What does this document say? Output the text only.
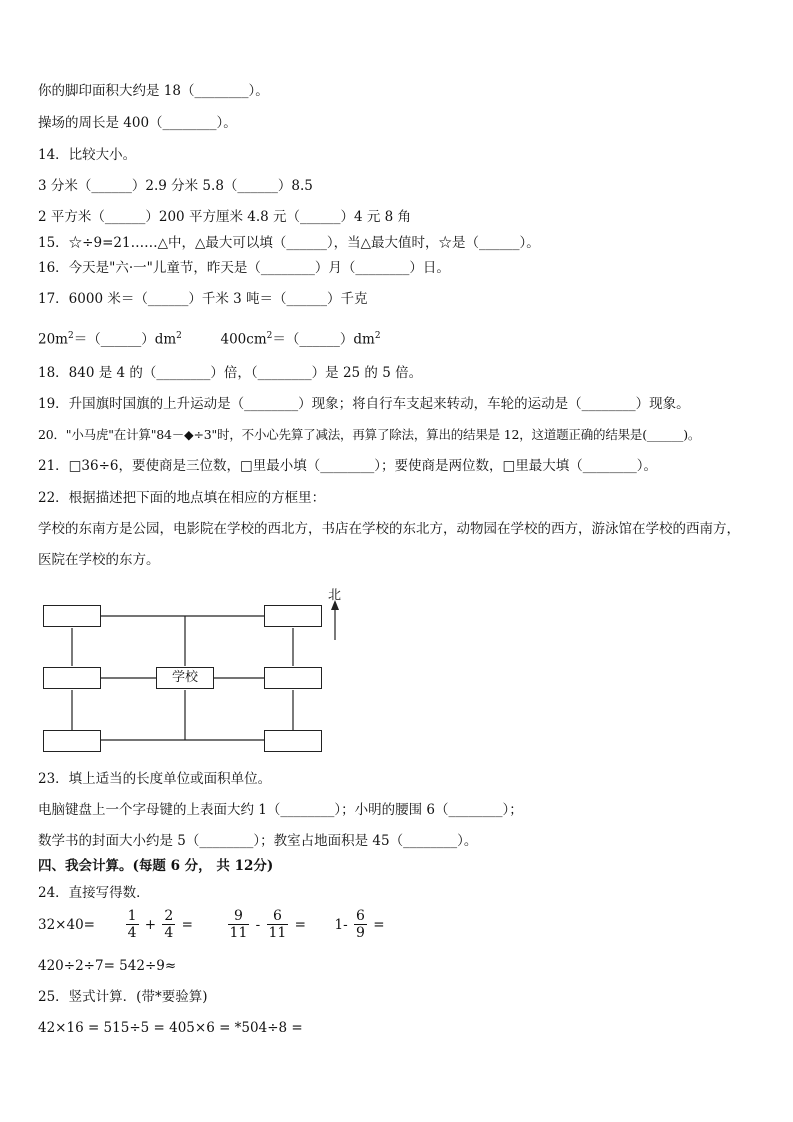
你的脚印面积大约是 18（________）。
操场的周长是 400（________）。
14．比较大小。
3 分米（______）2.9 分米 5.8（______）8.5
2 平方米（______）200 平方厘米 4.8 元（______）4 元 8 角
15．☆÷9=21……△中，△最大可以填（______），当△最大值时，☆是（______）。
16．今天是"六·一"儿童节，昨天是（________）月（________）日。
17．6000 米＝（______）千米 3 吨＝（______）千克
$20m^2=(\_\_\_\_\_\_)dm^2$	$400cm^2=(\_\_\_\_\_\_)dm^2$
18．840 是 4 的（________）倍，（________）是 25 的 5 倍。
19．升国旗时国旗的上升运动是（________）现象；将自行车支起来转动，车轮的运动是（________）现象。
20．"小马虎"在计算"84－◆÷3"时，不小心先算了减法，再算了除法，算出的结果是 12，这道题正确的结果是(______)。
21．□36÷6，要使商是三位数，□里最小填（________）；要使商是两位数，□里最大填（________）。
22．根据描述把下面的地点填在相应的方框里：
学校的东南方是公园，电影院在学校的西北方，书店在学校的东北方，动物园在学校的西方，游泳馆在学校的西南方，
医院在学校的东方。
学校
北
23．填上适当的长度单位或面积单位。
电脑键盘上一个字母键的上表面大约 1（________）；小明的腰围 6（________）；
数学书的封面大小约是 5（________）；教室占地面积是 45（________）。
四、我会计算。(每题 6 分， 共 12分)
24．直接写得数．
$32\times 40= \frac{1}{4} + \frac{2}{4} = \frac{9}{11} - \frac{6}{11} = 1- \frac{6}{9}$ =
420÷2÷7= 542÷9≈
25．竖式计算．(带*要验算)
42×16 = 515÷5 = 405×6 = *504÷8 =
